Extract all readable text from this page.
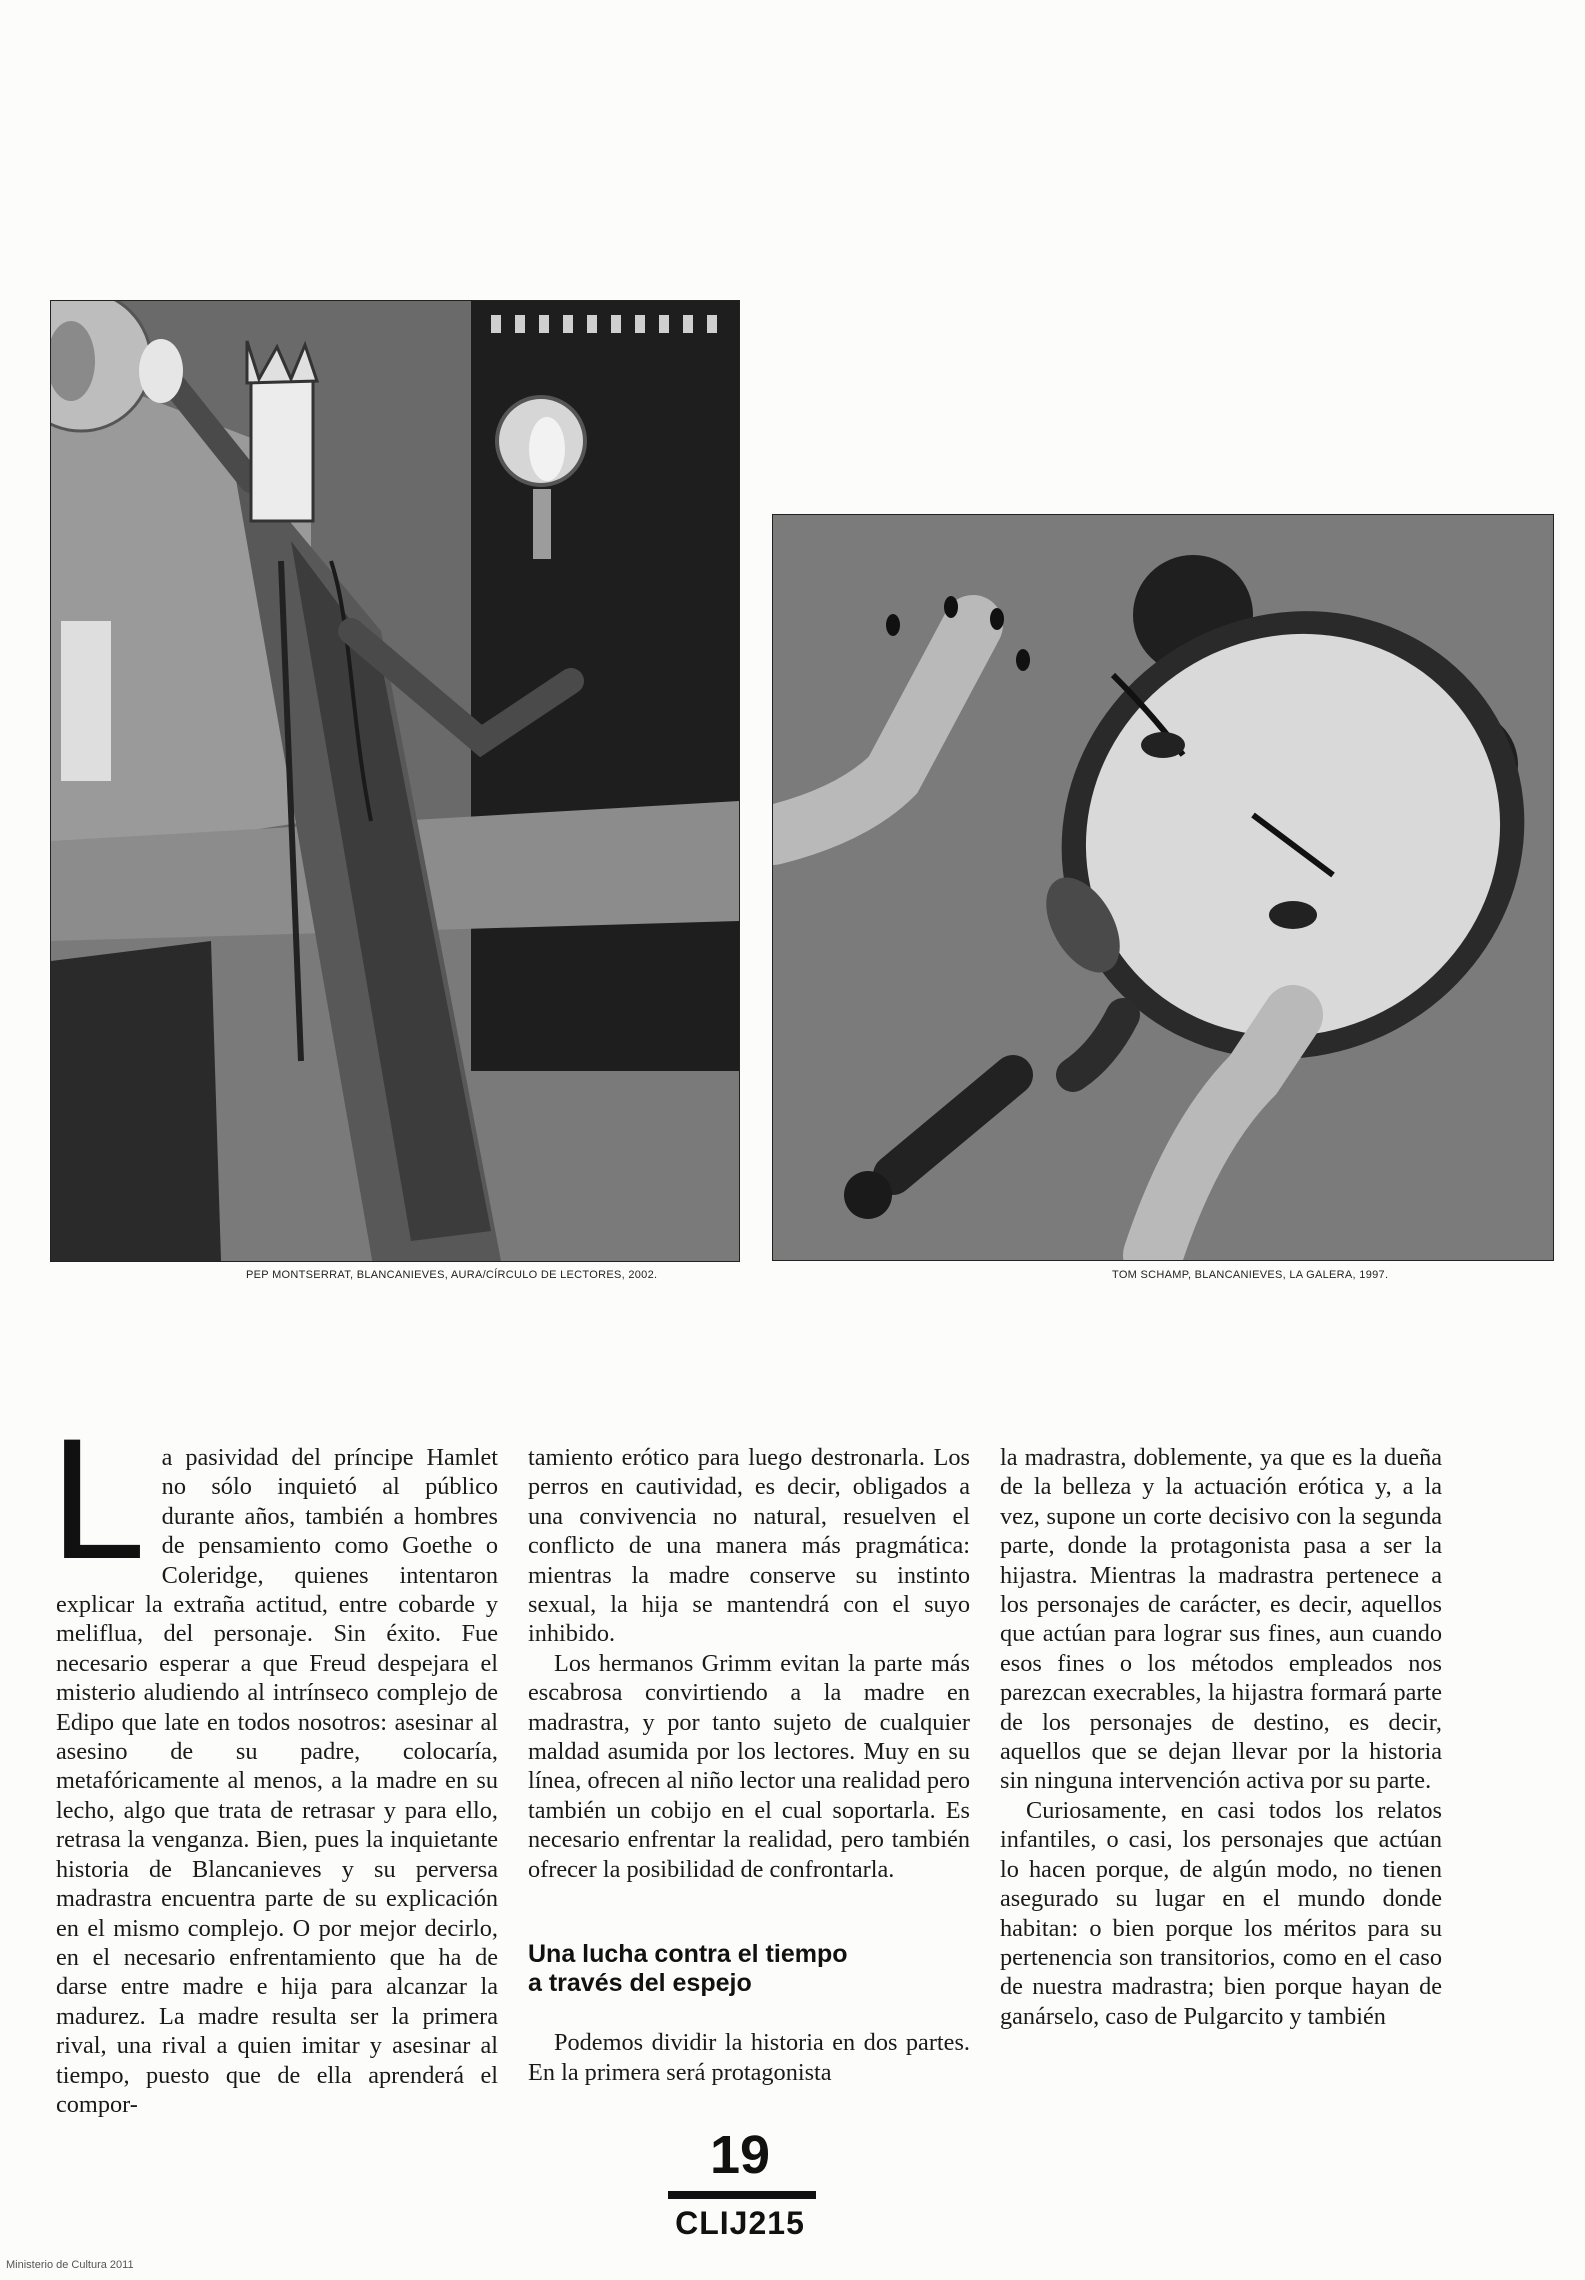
PEP MONTSERRAT, BLANCANIEVES, AURA/CÍRCULO DE LECTORES, 2002.	TOM SCHAMP, BLANCANIEVES, LA GALERA, 1997.
L a pasividad del príncipe Hamlet no sólo inquietó al público durante años, también a hombres de pensamiento como Goethe o Coleridge, quienes intentaron explicar la extraña actitud, entre cobarde y meliflua, del personaje. Sin éxito. Fue necesario esperar a que Freud despejara el misterio aludiendo al intrínseco complejo de Edipo que late en todos nosotros: asesinar al asesino de su padre, colocaría, metafóricamente al menos, a la madre en su lecho, algo que trata de retrasar y para ello, retrasa la venganza. Bien, pues la inquietante historia de Blancanieves y su perversa madrastra encuentra parte de su explicación en el mismo complejo. O por mejor decirlo, en el necesario enfrentamiento que ha de darse entre madre e hija para alcanzar la madurez. La madre resulta ser la primera rival, una rival a quien imitar y asesinar al tiempo, puesto que de ella aprenderá el compor-

tamiento erótico para luego destronarla. Los perros en cautividad, es decir, obligados a una convivencia no natural, resuelven el conflicto de una manera más pragmática: mientras la madre conserve su instinto sexual, la hija se mantendrá con el suyo inhibido.

Los hermanos Grimm evitan la parte más escabrosa convirtiendo a la madre en madrastra, y por tanto sujeto de cualquier maldad asumida por los lectores. Muy en su línea, ofrecen al niño lector una realidad pero también un cobijo en el cual soportarla. Es necesario enfrentar la realidad, pero también ofrecer la posibilidad de confrontarla.

Una lucha contra el tiempo
a través del espejo

Podemos dividir la historia en dos partes. En la primera será protagonista

la madrastra, doblemente, ya que es la dueña de la belleza y la actuación erótica y, a la vez, supone un corte decisivo con la segunda parte, donde la protagonista pasa a ser la hijastra. Mientras la madrastra pertenece a los personajes de carácter, es decir, aquellos que actúan para lograr sus fines, aun cuando esos fines o los métodos empleados nos parezcan execrables, la hijastra formará parte de los personajes de destino, es decir, aquellos que se dejan llevar por la historia sin ninguna intervención activa por su parte.

Curiosamente, en casi todos los relatos infantiles, o casi, los personajes que actúan lo hacen porque, de algún modo, no tienen asegurado su lugar en el mundo donde habitan: o bien porque los méritos para su pertenencia son transitorios, como en el caso de nuestra madrastra; bien porque hayan de ganárselo, caso de Pulgarcito y también

19
CLIJ215
Ministerio de Cultura 2011
